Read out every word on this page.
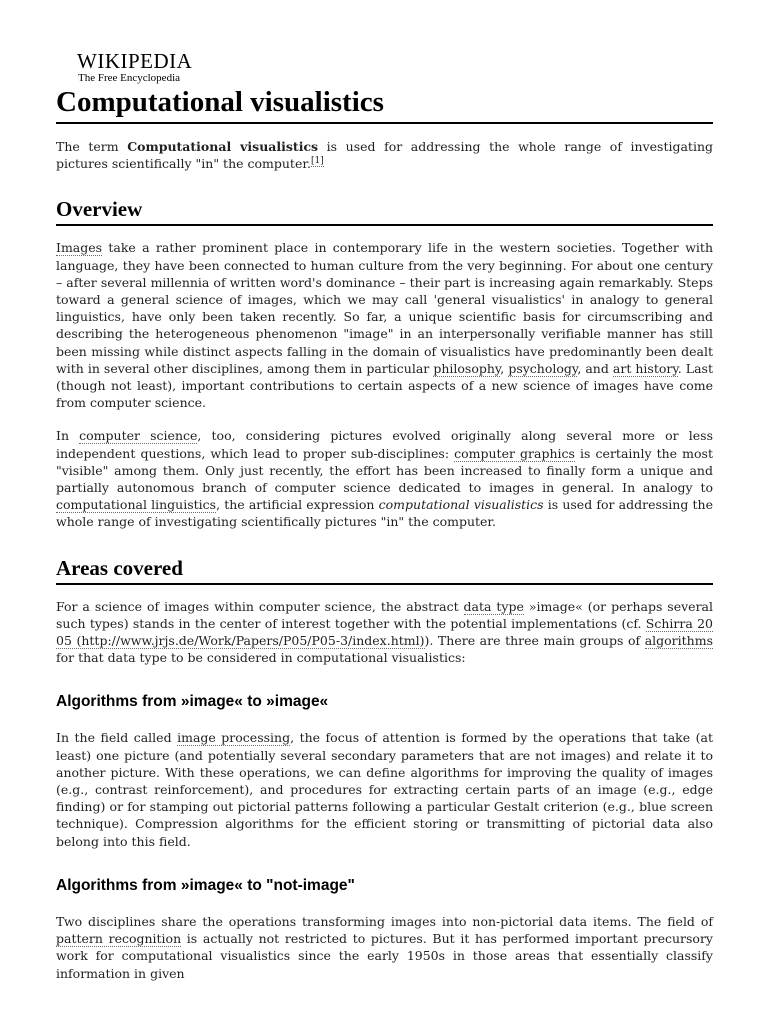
WIKIPEDIA
The Free Encyclopedia
Computational visualistics

The term Computational visualistics is used for addressing the whole range of investigating pictures scientifically "in" the computer.[1]

Overview

Images take a rather prominent place in contemporary life in the western societies. Together with language, they have been connected to human culture from the very beginning. For about one century – after several millennia of written word's dominance – their part is increasing again remarkably. Steps toward a general science of images, which we may call 'general visualistics' in analogy to general linguistics, have only been taken recently. So far, a unique scientific basis for circumscribing and describing the heterogeneous phenomenon "image" in an interpersonally verifiable manner has still been missing while distinct aspects falling in the domain of visualistics have predominantly been dealt with in several other disciplines, among them in particular philosophy, psychology, and art history. Last (though not least), important contributions to certain aspects of a new science of images have come from computer science.

In computer science, too, considering pictures evolved originally along several more or less independent questions, which lead to proper sub-disciplines: computer graphics is certainly the most "visible" among them. Only just recently, the effort has been increased to finally form a unique and partially autonomous branch of computer science dedicated to images in general. In analogy to computational linguistics, the artificial expression computational visualistics is used for addressing the whole range of investigating scientifically pictures "in" the computer.

Areas covered

For a science of images within computer science, the abstract data type »image« (or perhaps several such types) stands in the center of interest together with the potential implementations (cf. Schirra 2005 (http://www.jrjs.de/Work/Papers/P05/P05-3/index.html)). There are three main groups of algorithms for that data type to be considered in computational visualistics:

Algorithms from »image« to »image«

In the field called image processing, the focus of attention is formed by the operations that take (at least) one picture (and potentially several secondary parameters that are not images) and relate it to another picture. With these operations, we can define algorithms for improving the quality of images (e.g., contrast reinforcement), and procedures for extracting certain parts of an image (e.g., edge finding) or for stamping out pictorial patterns following a particular Gestalt criterion (e.g., blue screen technique). Compression algorithms for the efficient storing or transmitting of pictorial data also belong into this field.

Algorithms from »image« to "not-image"

Two disciplines share the operations transforming images into non-pictorial data items. The field of pattern recognition is actually not restricted to pictures. But it has performed important precursory work for computational visualistics since the early 1950s in those areas that essentially classify information in given
